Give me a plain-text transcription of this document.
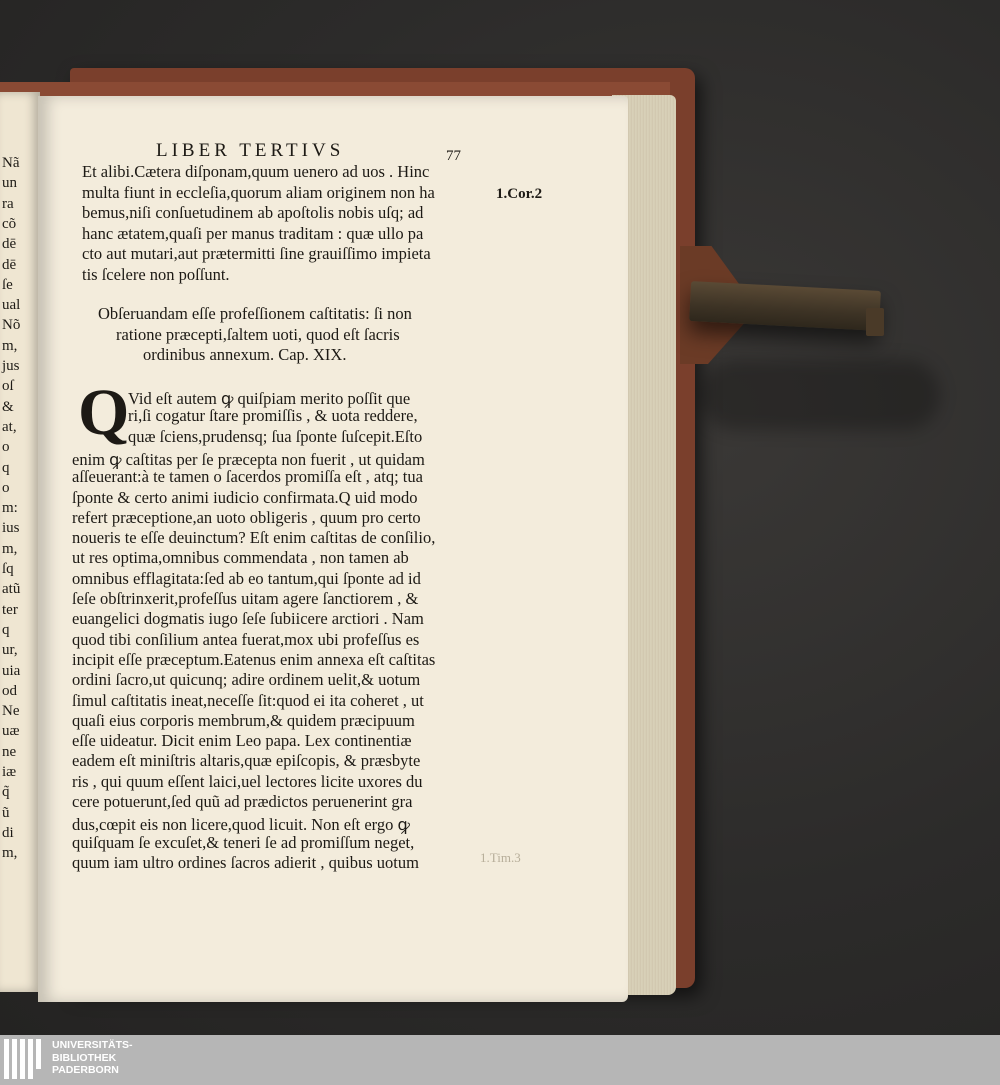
Nã
un
ra
cõ
dē
dē
ſe
ual
Nõ
m,
jus
oſ
&
at,
o
q
o
m:
ius
m,
ſq
atũ
ter
q
ur,
uia
od
Ne
uæ
ne
iæ
q̃
ũ
di
m,
LIBER TERTIVS	77
1.Cor.2
Q
1.Tim.3
Et alibi.Cætera diſponam,quum uenero ad uos . Hinc
multa fiunt in eccleſia,quorum aliam originem non ha
bemus,niſi conſuetudinem ab apoſtolis nobis uſq; ad
hanc ætatem,quaſi per manus traditam : quæ ullo pa
cto aut mutari,aut prætermitti ſine grauiſſimo impieta
tis ſcelere non poſſunt.
Obſeruandam eſſe profeſſionem caſtitatis: ſi non
ratione præcepti,ſaltem uoti, quod eſt ſacris
ordinibus annexum. Cap. XIX.
Vid eſt autem ꝙ quiſpiam merito poſſit que
ri,ſi cogatur ſtare promiſſis , & uota reddere,
quæ ſciens,prudensq; ſua ſponte ſuſcepit.Eſto
enim ꝙ caſtitas per ſe præcepta non fuerit , ut quidam
aſſeuerant:à te tamen o ſacerdos promiſſa eſt , atq; tua
ſponte & certo animi iudicio confirmata.Q uid modo
refert præceptione,an uoto obligeris , quum pro certo
noueris te eſſe deuinctum? Eſt enim caſtitas de conſilio,
ut res optima,omnibus commendata , non tamen ab
omnibus efflagitata:ſed ab eo tantum,qui ſponte ad id
ſeſe obſtrinxerit,profeſſus uitam agere ſanctiorem , &
euangelici dogmatis iugo ſeſe ſubiicere arctiori . Nam
quod tibi conſilium antea fuerat,mox ubi profeſſus es
incipit eſſe præceptum.Eatenus enim annexa eſt caſtitas
ordini ſacro,ut quicunq; adire ordinem uelit,& uotum
ſimul caſtitatis ineat,neceſſe ſit:quod ei ita coheret , ut
quaſi eius corporis membrum,& quidem præcipuum
eſſe uideatur. Dicit enim Leo papa. Lex continentiæ
eadem eſt miniſtris altaris,quæ epiſcopis, & præsbyte
ris , qui quum eſſent laici,uel lectores licite uxores du
cere potuerunt,ſed quũ ad prædictos peruenerint gra
dus,cœpit eis non licere,quod licuit. Non eſt ergo ꝙ
quiſquam ſe excuſet,& teneri ſe ad promiſſum neget,
quum iam ultro ordines ſacros adierit , quibus uotum
UNIVERSITÄTS-
BIBLIOTHEK
PADERBORN
